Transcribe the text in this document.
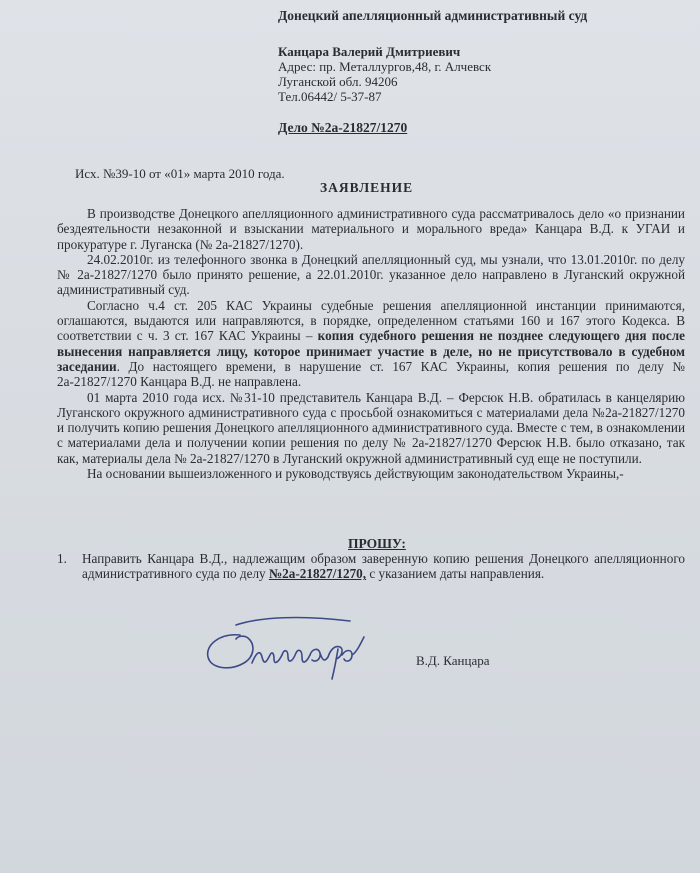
Донецкий апелляционный административный суд
Канцара Валерий Дмитриевич
Адрес: пр. Металлургов,48, г. Алчевск
Луганской обл. 94206
Тел.06442/ 5-37-87
Дело №2а-21827/1270
Исх. №39-10 от «01» марта 2010 года.
ЗАЯВЛЕНИЕ

В производстве Донецкого апелляционного административного суда рассматривалось дело «о признании бездеятельности незаконной и взыскании материального и морального вреда» Канцара В.Д. к УГАИ и прокуратуре г. Луганска (№ 2а-21827/1270).

24.02.2010г. из телефонного звонка в Донецкий апелляционный суд, мы узнали, что 13.01.2010г. по делу № 2а-21827/1270 было принято решение, а 22.01.2010г. указанное дело направлено в Луганский окружной административный суд.

Согласно ч.4 ст. 205 КАС Украины судебные решения апелляционной инстанции принимаются, оглашаются, выдаются или направляются, в порядке, определенном статьями 160 и 167 этого Кодекса. В соответствии с ч. 3 ст. 167 КАС Украины – копия судебного решения не позднее следующего дня после вынесения направляется лицу, которое принимает участие в деле, но не присутствовало в судебном заседании. До настоящего времени, в нарушение ст. 167 КАС Украины, копия решения по делу № 2а-21827/1270 Канцара В.Д. не направлена.

01 марта 2010 года исх. №31-10 представитель Канцара В.Д. – Ферсюк Н.В. обратилась в канцелярию Луганского окружного административного суда с просьбой ознакомиться с материалами дела №2а-21827/1270 и получить копию решения Донецкого апелляционного административного суда. Вместе с тем, в ознакомлении с материалами дела и получении копии решения по делу № 2а-21827/1270 Ферсюк Н.В. было отказано, так как, материалы дела № 2а-21827/1270 в Луганский окружной административный суд еще не поступили.

На основании вышеизложенного и руководствуясь действующим законодательством Украины,-

ПРОШУ:
1. Направить Канцара В.Д., надлежащим образом заверенную копию решения Донецкого апелляционного административного суда по делу №2а-21827/1270, с указанием даты направления.
В.Д. Канцара
